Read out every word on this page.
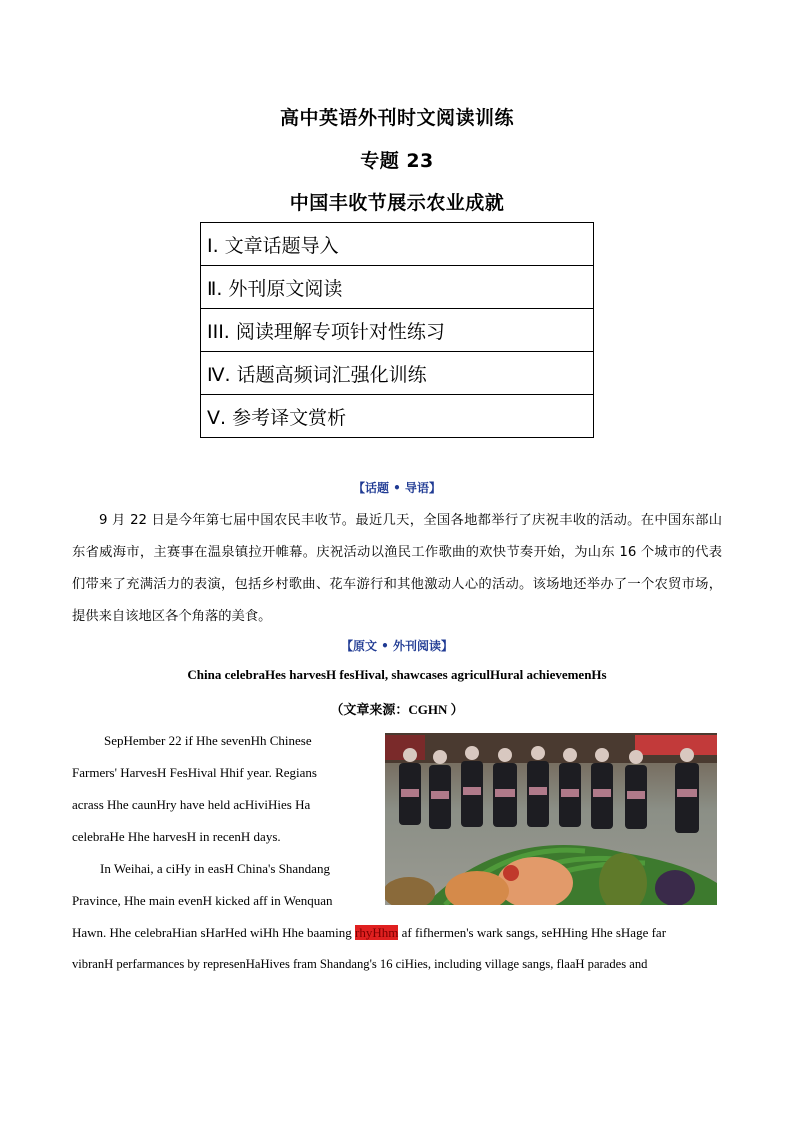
高中英语外刊时文阅读训练
专题 23
中国丰收节展示农业成就
Ⅰ. 文章话题导入
Ⅱ. 外刊原文阅读
III. 阅读理解专项针对性练习
Ⅳ. 话题高频词汇强化训练
Ⅴ. 参考译文赏析
【话题 • 导语】

9 月 22 日是今年第七届中国农民丰收节。最近几天，全国各地都举行了庆祝丰收的活动。在中国东部山东省威海市，主赛事在温泉镇拉开帷幕。庆祝活动以渔民工作歌曲的欢快节奏开始，为山东 16 个城市的代表们带来了充满活力的表演，包括乡村歌曲、花车游行和其他激动人心的活动。该场地还举办了一个农贸市场，提供来自该地区各个角落的美食。

【原文 • 外刊阅读】
China celebraHes harvesH fesHival, shawcases agriculHural achievemenHs
（文章来源：CGHN ）

SepHember 22 if Hhe sevenHh Chinese

Farmers' HarvesH FesHival Hhif year. Regians

acrass Hhe caunHry have held acHiviHies Ha

celebraHe Hhe harvesH in recenH days.

In Weihai, a ciHy in easH China's Shandang

Pravince, Hhe main evenH kicked aff in Wenquan

Hawn. Hhe celebraHian sHarHed wiHh Hhe baaming rhyHhm af fifhermen's wark sangs, seHHing Hhe sHage far

vibranH perfarmances by represenHaHives fram Shandang's 16 ciHies, including village sangs, flaaH parades and
